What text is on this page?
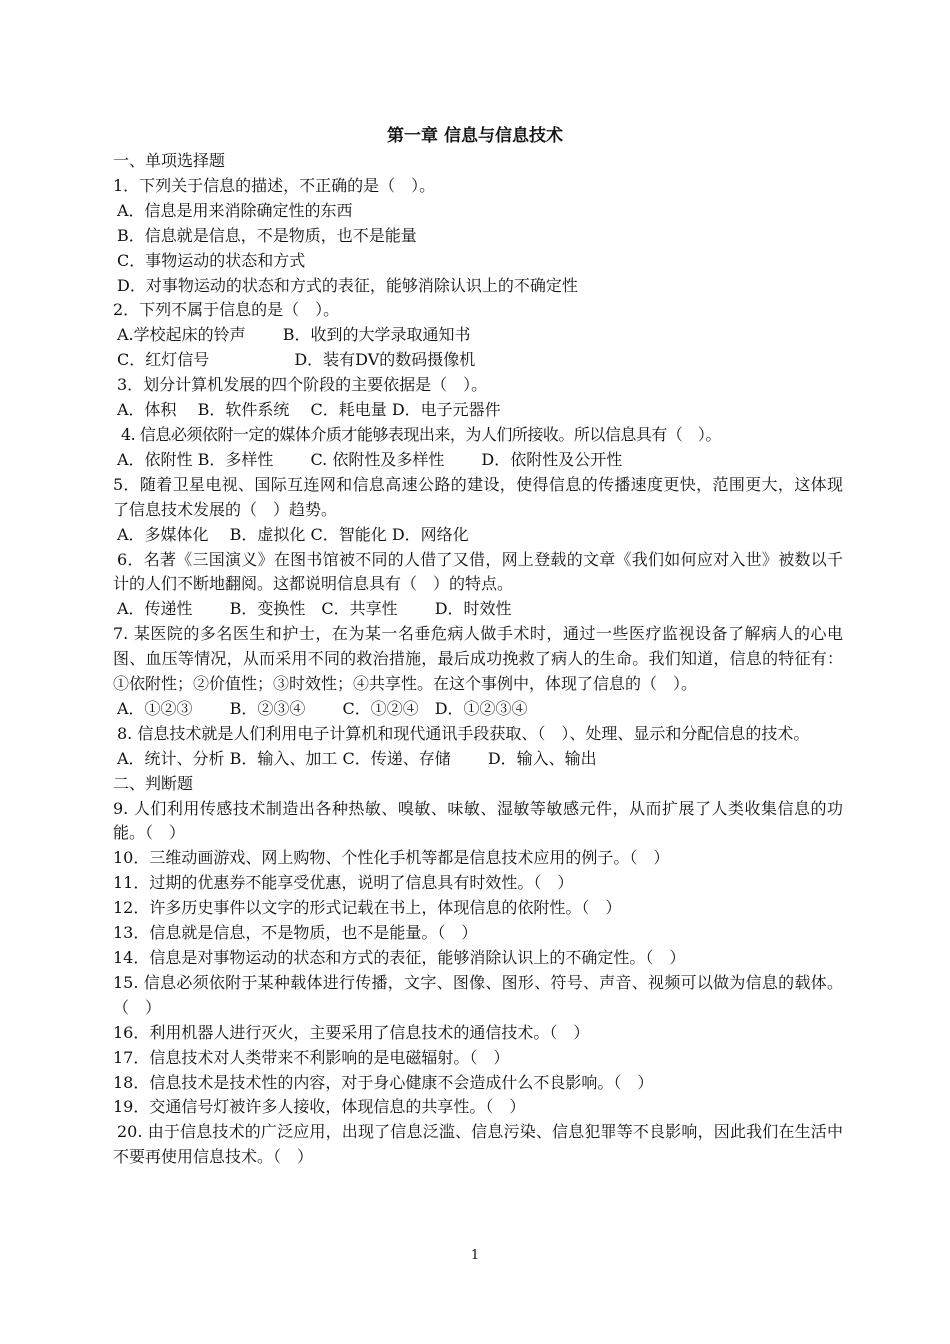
第一章 信息与信息技术
一、单项选择题
1．下列关于信息的描述，不正确的是（　）。
A．信息是用来消除确定性的东西
B．信息就是信息，不是物质，也不是能量
C．事物运动的状态和方式
D．对事物运动的状态和方式的表征，能够消除认识上的不确定性
2．下列不属于信息的是（　）。
A.学校起床的铃声　　 B．收到的大学录取通知书
C．红灯信号　　　　　 D．装有DV的数码摄像机
3．划分计算机发展的四个阶段的主要依据是（　）。
A．体积　 B．软件系统　 C．耗电量 D．电子元器件
4. 信息必须依附一定的媒体介质才能够表现出来，为人们所接收。所以信息具有（　）。
A．依附性 B．多样性　　 C. 依附性及多样性　　 D．依附性及公开性
5．随着卫星电视、国际互连网和信息高速公路的建设，使得信息的传播速度更快，范围更大，这体现了信息技术发展的（　）趋势。
A．多媒体化　 B．虚拟化 C．智能化 D．网络化
6．名著《三国演义》在图书馆被不同的人借了又借，网上登载的文章《我们如何应对入世》被数以千计的人们不断地翻阅。这都说明信息具有（　）的特点。
A．传递性　　 B．变换性　C．共享性　　 D．时效性
7. 某医院的多名医生和护士，在为某一名垂危病人做手术时，通过一些医疗监视设备了解病人的心电图、血压等情况，从而采用不同的救治措施，最后成功挽救了病人的生命。我们知道，信息的特征有：①依附性；②价值性；③时效性；④共享性。在这个事例中，体现了信息的（　）。
A．①②③　　 B．②③④　　 C．①②④　D．①②③④
8. 信息技术就是人们利用电子计算机和现代通讯手段获取、（　）、处理、显示和分配信息的技术。
A．统计、分析 B．输入、加工 C．传递、存储　　 D．输入、输出
二、判断题
9. 人们利用传感技术制造出各种热敏、嗅敏、味敏、湿敏等敏感元件，从而扩展了人类收集信息的功能。（　）
10．三维动画游戏、网上购物、个性化手机等都是信息技术应用的例子。（　）
11．过期的优惠券不能享受优惠，说明了信息具有时效性。（　）
12．许多历史事件以文字的形式记载在书上，体现信息的依附性。（　）
13．信息就是信息，不是物质，也不是能量。（　）
14．信息是对事物运动的状态和方式的表征，能够消除认识上的不确定性。（　）
15. 信息必须依附于某种载体进行传播，文字、图像、图形、符号、声音、视频可以做为信息的载体。（　）
16．利用机器人进行灭火，主要采用了信息技术的通信技术。（　）
17．信息技术对人类带来不利影响的是电磁辐射。（　）
18．信息技术是技术性的内容，对于身心健康不会造成什么不良影响。（　）
19．交通信号灯被许多人接收，体现信息的共享性。（　）
20. 由于信息技术的广泛应用，出现了信息泛滥、信息污染、信息犯罪等不良影响，因此我们在生活中不要再使用信息技术。（　）
1
